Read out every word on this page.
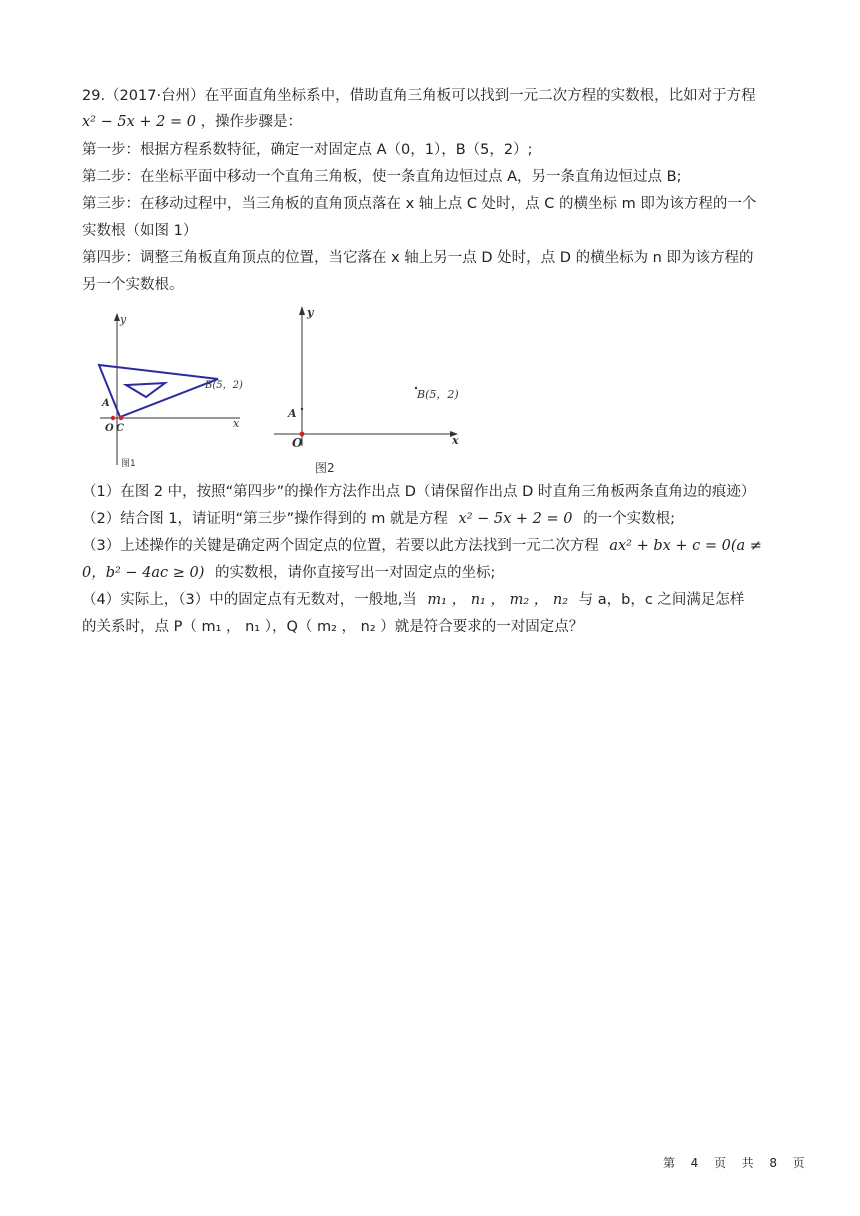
29.（2017·台州）在平面直角坐标系中，借助直角三角板可以找到一元二次方程的实数根，比如对于方程
x² − 5x + 2 = 0 ，操作步骤是：
第一步：根据方程系数特征，确定一对固定点 A（0，1），B（5，2）;
第二步：在坐标平面中移动一个直角三角板，使一条直角边恒过点 A，另一条直角边恒过点 B;
第三步：在移动过程中，当三角板的直角顶点落在 x 轴上点 C 处时，点 C 的横坐标 m 即为该方程的一个
实数根（如图 1）
第四步：调整三角板直角顶点的位置，当它落在 x 轴上另一点 D 处时，点 D 的横坐标为 n 即为该方程的
另一个实数根。
y
x
A
O C
B(5，2)
图1
y
x
A
O
B(5，2)
图2
（1）在图 2 中，按照“第四步”的操作方法作出点 D（请保留作出点 D 时直角三角板两条直角边的痕迹）
（2）结合图 1，请证明“第三步”操作得到的 m 就是方程 x² − 5x + 2 = 0 的一个实数根;
（3）上述操作的关键是确定两个固定点的位置，若要以此方法找到一元二次方程 ax² + bx + c = 0(a ≠
0，b² − 4ac ≥ 0) 的实数根，请你直接写出一对固定点的坐标;
（4）实际上，（3）中的固定点有无数对，一般地,当 m₁ ， n₁ ， m₂ ， n₂ 与 a，b，c 之间满足怎样
的关系时，点 P（ m₁ ， n₁ ），Q（ m₂ ， n₂ ）就是符合要求的一对固定点？
第 4 页 共 8 页
